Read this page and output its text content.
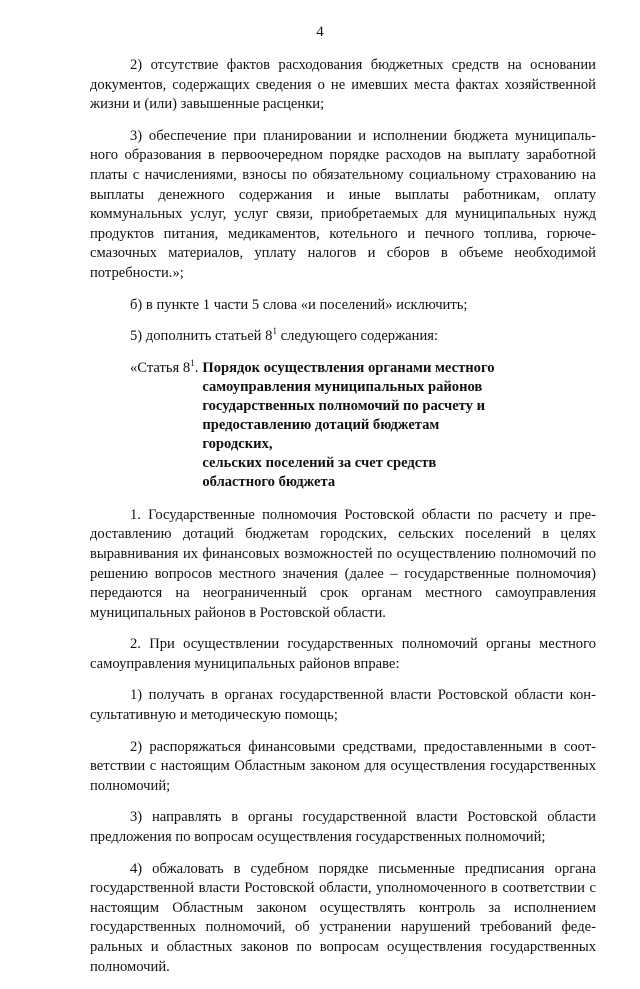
4

2) отсутствие фактов расходования бюджетных средств на основании документов, содержащих сведения о не имевших места фактах хозяйственной жизни и (или) завышенные расценки;

3) обеспечение при планировании и исполнении бюджета муниципального образования в первоочередном порядке расходов на выплату заработной платы с начислениями, взносы по обязательному социальному страхованию на выплаты денежного содержания и иные выплаты работникам, оплату коммунальных услуг, услуг связи, приобретаемых для муниципальных нужд продуктов питания, медикаментов, котельного и печного топлива, горюче-смазочных материалов, уплату налогов и сборов в объеме необходимой потребности.»;

б) в пункте 1 части 5 слова «и поселений» исключить;

5) дополнить статьей $8^1$ следующего содержания:

«Статья $8^1$. Порядок осуществления органами местного
самоуправления муниципальных районов
государственных полномочий по расчету и
предоставлению дотаций бюджетам городских,
сельских поселений за счет средств
областного бюджета

1. Государственные полномочия Ростовской области по расчету и предоставлению дотаций бюджетам городских, сельских поселений в целях выравнивания их финансовых возможностей по осуществлению полномочий по решению вопросов местного значения (далее – государственные полномочия) передаются на неограниченный срок органам местного самоуправления муниципальных районов в Ростовской области.

2. При осуществлении государственных полномочий органы местного самоуправления муниципальных районов вправе:

1) получать в органах государственной власти Ростовской области консультативную и методическую помощь;

2) распоряжаться финансовыми средствами, предоставленными в соответствии с настоящим Областным законом для осуществления государственных полномочий;

3) направлять в органы государственной власти Ростовской области предложения по вопросам осуществления государственных полномочий;

4) обжаловать в судебном порядке письменные предписания органа государственной власти Ростовской области, уполномоченного в соответствии с настоящим Областным законом осуществлять контроль за исполнением государственных полномочий, об устранении нарушений требований федеральных и областных законов по вопросам осуществления государственных полномочий.
